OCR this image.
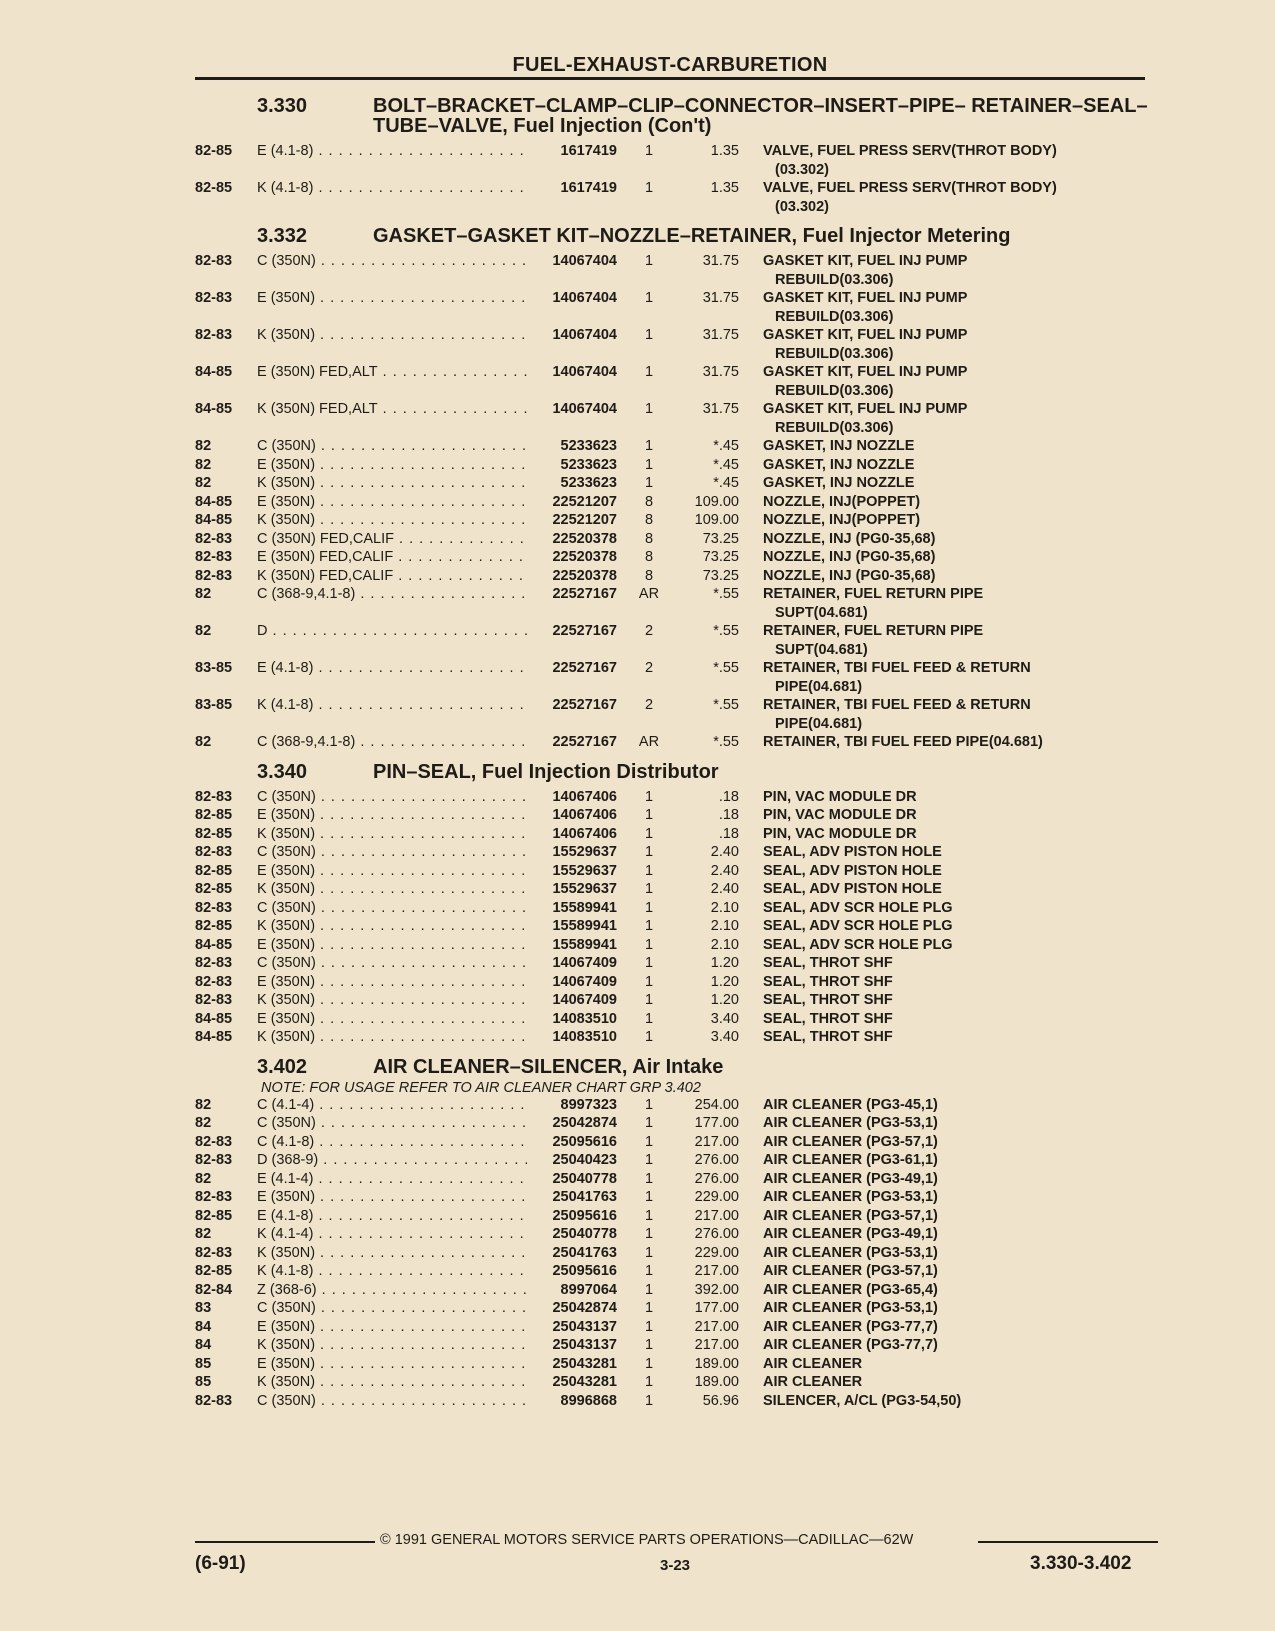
FUEL-EXHAUST-CARBURETION
3.330	BOLT–BRACKET–CLAMP–CLIP–CONNECTOR–INSERT–PIPE– RETAINER–SEAL–TUBE–VALVE, Fuel Injection (Con't)
82-85	E (4.1-8) . . .	1617419	1	1.35 VALVE, FUEL PRESS SERV(THROT BODY)
(03.302)
82-85	K (4.1-8) . . .	1617419	1	1.35 VALVE, FUEL PRESS SERV(THROT BODY)
(03.302)
3.332	GASKET–GASKET KIT–NOZZLE–RETAINER, Fuel Injector Metering
82-83	C (350N) . . .	14067404	1	31.75 GASKET KIT, FUEL INJ PUMP
REBUILD(03.306)
82-83	E (350N) . . .	14067404	1	31.75 GASKET KIT, FUEL INJ PUMP
REBUILD(03.306)
82-83	K (350N) . . .	14067404	1	31.75 GASKET KIT, FUEL INJ PUMP
REBUILD(03.306)
84-85	E (350N) FED,ALT . . .	14067404	1	31.75 GASKET KIT, FUEL INJ PUMP
REBUILD(03.306)
84-85	K (350N) FED,ALT . . .	14067404	1	31.75 GASKET KIT, FUEL INJ PUMP
REBUILD(03.306)
82	C (350N) . . .	5233623	1	*.45 GASKET, INJ NOZZLE
82	E (350N) . . .	5233623	1	*.45 GASKET, INJ NOZZLE
82	K (350N) . . .	5233623	1	*.45 GASKET, INJ NOZZLE
84-85	E (350N) . . .	22521207	8	109.00 NOZZLE, INJ(POPPET)
84-85	K (350N) . . .	22521207	8	109.00 NOZZLE, INJ(POPPET)
82-83	C (350N) FED,CALIF . . .	22520378	8	73.25 NOZZLE, INJ (PG0-35,68)
82-83	E (350N) FED,CALIF . . .	22520378	8	73.25 NOZZLE, INJ (PG0-35,68)
82-83	K (350N) FED,CALIF . . .	22520378	8	73.25 NOZZLE, INJ (PG0-35,68)
82	C (368-9,4.1-8) . . .	22527167	AR	*.55 RETAINER, FUEL RETURN PIPE
SUPT(04.681)
82	D . . .	22527167	2	*.55 RETAINER, FUEL RETURN PIPE
SUPT(04.681)
83-85	E (4.1-8) . . .	22527167	2	*.55 RETAINER, TBI FUEL FEED & RETURN
PIPE(04.681)
83-85	K (4.1-8) . . .	22527167	2	*.55 RETAINER, TBI FUEL FEED & RETURN
PIPE(04.681)
82	C (368-9,4.1-8) . . .	22527167	AR	*.55 RETAINER, TBI FUEL FEED PIPE(04.681)
3.340	PIN–SEAL, Fuel Injection Distributor
82-83	C (350N) . . .	14067406	1	.18 PIN, VAC MODULE DR
82-85	E (350N) . . .	14067406	1	.18 PIN, VAC MODULE DR
82-85	K (350N) . . .	14067406	1	.18 PIN, VAC MODULE DR
82-83	C (350N) . . .	15529637	1	2.40 SEAL, ADV PISTON HOLE
82-85	E (350N) . . .	15529637	1	2.40 SEAL, ADV PISTON HOLE
82-85	K (350N) . . .	15529637	1	2.40 SEAL, ADV PISTON HOLE
82-83	C (350N) . . .	15589941	1	2.10 SEAL, ADV SCR HOLE PLG
82-85	K (350N) . . .	15589941	1	2.10 SEAL, ADV SCR HOLE PLG
84-85	E (350N) . . .	15589941	1	2.10 SEAL, ADV SCR HOLE PLG
82-83	C (350N) . . .	14067409	1	1.20 SEAL, THROT SHF
82-83	E (350N) . . .	14067409	1	1.20 SEAL, THROT SHF
82-83	K (350N) . . .	14067409	1	1.20 SEAL, THROT SHF
84-85	E (350N) . . .	14083510	1	3.40 SEAL, THROT SHF
84-85	K (350N) . . .	14083510	1	3.40 SEAL, THROT SHF
3.402	AIR CLEANER–SILENCER, Air Intake
NOTE: FOR USAGE REFER TO AIR CLEANER CHART GRP 3.402
82	C (4.1-4) . . .	8997323	1	254.00 AIR CLEANER (PG3-45,1)
82	C (350N) . . .	25042874	1	177.00 AIR CLEANER (PG3-53,1)
82-83	C (4.1-8) . . .	25095616	1	217.00 AIR CLEANER (PG3-57,1)
82-83	D (368-9) . . .	25040423	1	276.00 AIR CLEANER (PG3-61,1)
82	E (4.1-4) . . .	25040778	1	276.00 AIR CLEANER (PG3-49,1)
82-83	E (350N) . . .	25041763	1	229.00 AIR CLEANER (PG3-53,1)
82-85	E (4.1-8) . . .	25095616	1	217.00 AIR CLEANER (PG3-57,1)
82	K (4.1-4) . . .	25040778	1	276.00 AIR CLEANER (PG3-49,1)
82-83	K (350N) . . .	25041763	1	229.00 AIR CLEANER (PG3-53,1)
82-85	K (4.1-8) . . .	25095616	1	217.00 AIR CLEANER (PG3-57,1)
82-84	Z (368-6) . . .	8997064	1	392.00 AIR CLEANER (PG3-65,4)
83	C (350N) . . .	25042874	1	177.00 AIR CLEANER (PG3-53,1)
84	E (350N) . . .	25043137	1	217.00 AIR CLEANER (PG3-77,7)
84	K (350N) . . .	25043137	1	217.00 AIR CLEANER (PG3-77,7)
85	E (350N) . . .	25043281	1	189.00 AIR CLEANER
85	K (350N) . . .	25043281	1	189.00 AIR CLEANER
82-83	C (350N) . . .	8996868	1	56.96 SILENCER, A/CL (PG3-54,50)
© 1991 GENERAL MOTORS SERVICE PARTS OPERATIONS—CADILLAC—62W
(6-91)	3-23	3.330-3.402
